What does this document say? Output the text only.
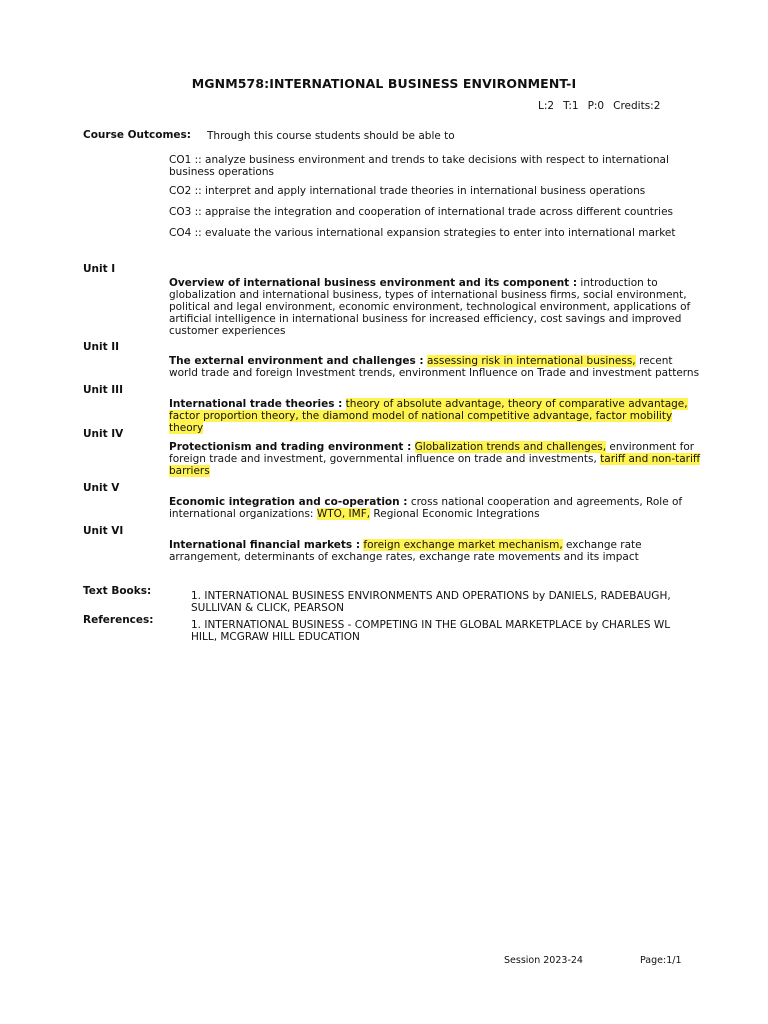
MGNM578:INTERNATIONAL BUSINESS ENVIRONMENT-I
L:2 T:1 P:0 Credits:2
Course Outcomes: Through this course students should be able to
CO1 :: analyze business environment and trends to take decisions with respect to international business operations
CO2 :: interpret and apply international trade theories in international business operations
CO3 :: appraise the integration and cooperation of international trade across different countries
CO4 :: evaluate the various international expansion strategies to enter into international market
Unit I
Overview of international business environment and its component : introduction to globalization and international business, types of international business firms, social environment, political and legal environment, economic environment, technological environment, applications of artificial intelligence in international business for increased efficiency, cost savings and improved customer experiences
Unit II
The external environment and challenges : assessing risk in international business, recent world trade and foreign Investment trends, environment Influence on Trade and investment patterns
Unit III
International trade theories : theory of absolute advantage, theory of comparative advantage, factor proportion theory, the diamond model of national competitive advantage, factor mobility theory
Unit IV
Protectionism and trading environment : Globalization trends and challenges, environment for foreign trade and investment, governmental influence on trade and investments, tariff and non-tariff barriers
Unit V
Economic integration and co-operation : cross national cooperation and agreements, Role of international organizations: WTO, IMF, Regional Economic Integrations
Unit VI
International financial markets : foreign exchange market mechanism, exchange rate arrangement, determinants of exchange rates, exchange rate movements and its impact
Text Books:	1. INTERNATIONAL BUSINESS ENVIRONMENTS AND OPERATIONS by DANIELS, RADEBAUGH, SULLIVAN & CLICK, PEARSON
References:	1. INTERNATIONAL BUSINESS - COMPETING IN THE GLOBAL MARKETPLACE by CHARLES WL HILL, MCGRAW HILL EDUCATION
Session 2023-24	Page:1/1
